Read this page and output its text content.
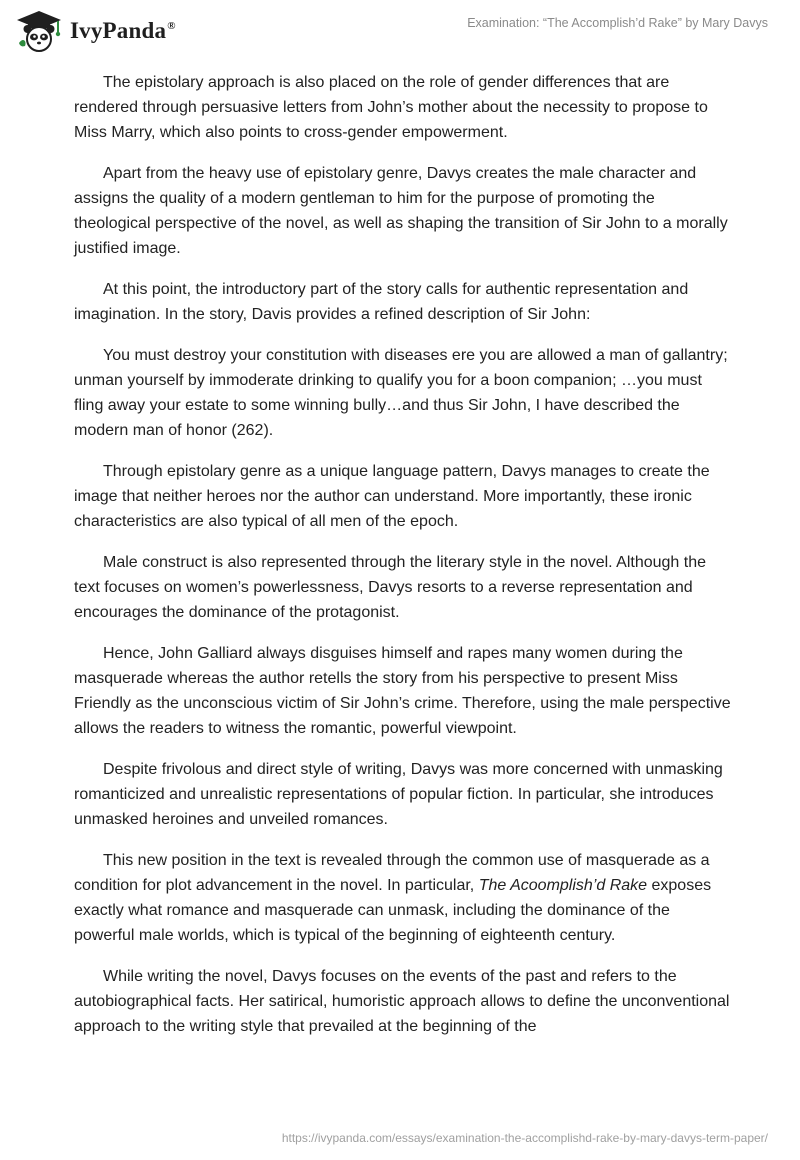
IvyPanda®	Examination: “The Accomplish’d Rake” by Mary Davys

The epistolary approach is also placed on the role of gender differences that are rendered through persuasive letters from John’s mother about the necessity to propose to Miss Marry, which also points to cross-gender empowerment.

Apart from the heavy use of epistolary genre, Davys creates the male character and assigns the quality of a modern gentleman to him for the purpose of promoting the theological perspective of the novel, as well as shaping the transition of Sir John to a morally justified image.

At this point, the introductory part of the story calls for authentic representation and imagination. In the story, Davis provides a refined description of Sir John:

You must destroy your constitution with diseases ere you are allowed a man of gallantry; unman yourself by immoderate drinking to qualify you for a boon companion; …you must fling away your estate to some winning bully…and thus Sir John, I have described the modern man of honor (262).

Through epistolary genre as a unique language pattern, Davys manages to create the image that neither heroes nor the author can understand. More importantly, these ironic characteristics are also typical of all men of the epoch.

Male construct is also represented through the literary style in the novel. Although the text focuses on women’s powerlessness, Davys resorts to a reverse representation and encourages the dominance of the protagonist.

Hence, John Galliard always disguises himself and rapes many women during the masquerade whereas the author retells the story from his perspective to present Miss Friendly as the unconscious victim of Sir John’s crime. Therefore, using the male perspective allows the readers to witness the romantic, powerful viewpoint.

Despite frivolous and direct style of writing, Davys was more concerned with unmasking romanticized and unrealistic representations of popular fiction. In particular, she introduces unmasked heroines and unveiled romances.

This new position in the text is revealed through the common use of masquerade as a condition for plot advancement in the novel. In particular, The Acoomplish’d Rake exposes exactly what romance and masquerade can unmask, including the dominance of the powerful male worlds, which is typical of the beginning of eighteenth century.

While writing the novel, Davys focuses on the events of the past and refers to the autobiographical facts. Her satirical, humoristic approach allows to define the unconventional approach to the writing style that prevailed at the beginning of the

https://ivypanda.com/essays/examination-the-accomplishd-rake-by-mary-davys-term-paper/
